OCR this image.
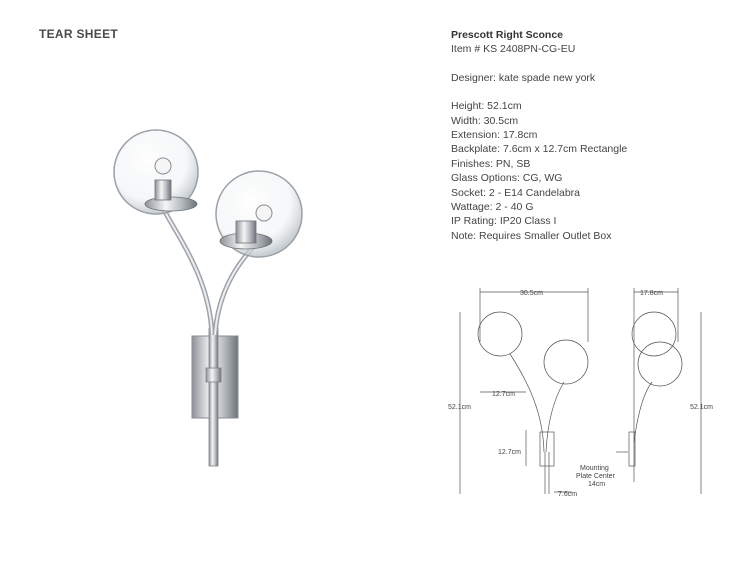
TEAR SHEET	Prescott Right Sconce
Item # KS 2408PN-CG-EU
Designer: kate spade new york
Height: 52.1cm
Width: 30.5cm
Extension: 17.8cm
Backplate: 7.6cm x 12.7cm Rectangle
Finishes: PN, SB
Glass Options: CG, WG
Socket: 2 - E14 Candelabra
Wattage: 2 - 40 G
IP Rating: IP20 Class I
Note: Requires Smaller Outlet Box
30.5cm	17.8cm
52.1cm	52.1cm
12.7cm
12.7cm
7.6cm
Mounting
Plate Center
14cm
